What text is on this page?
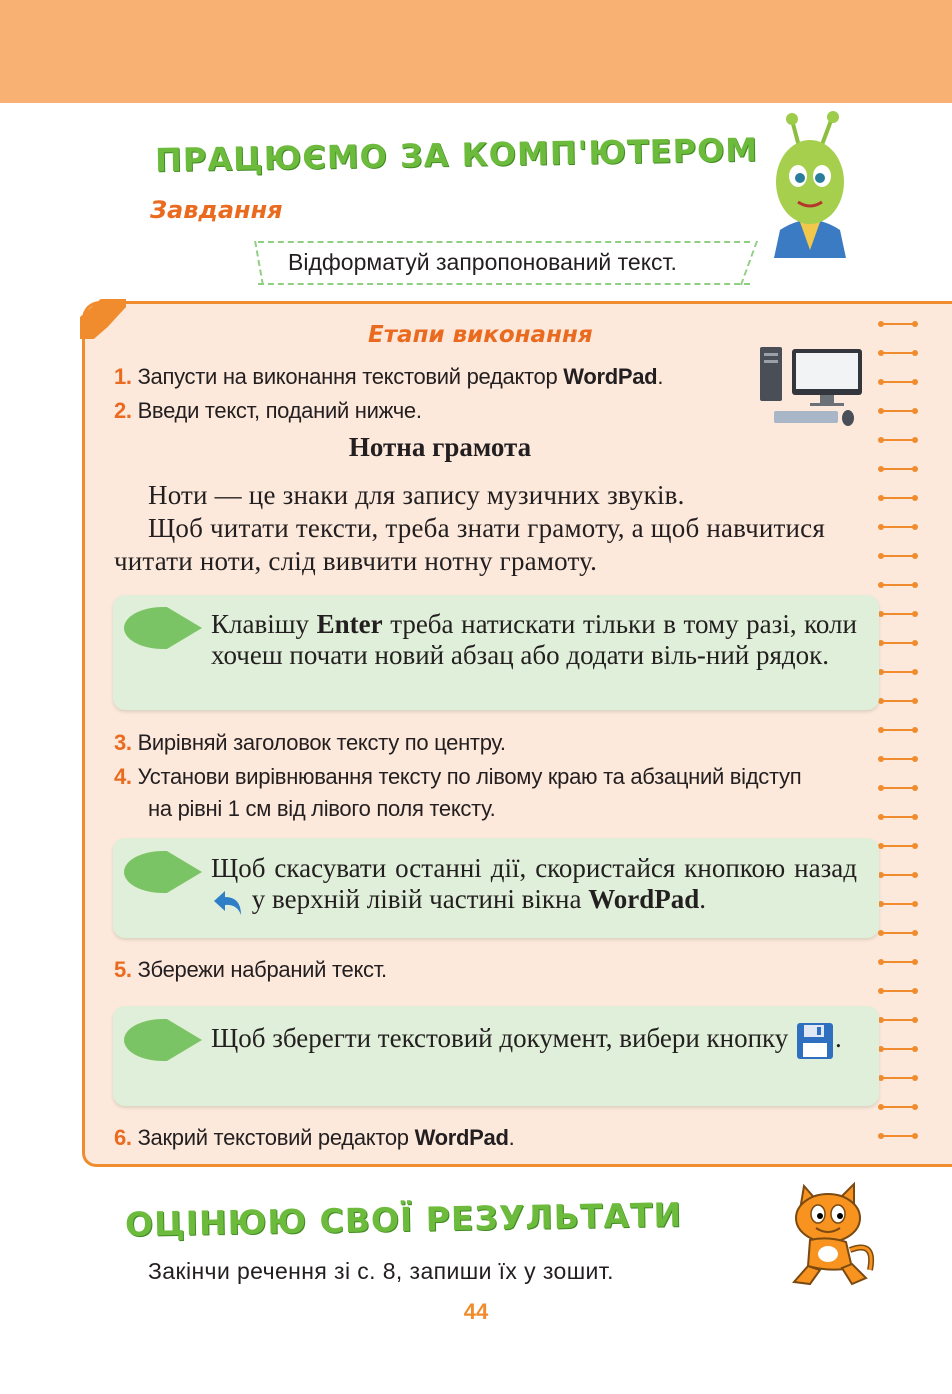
ПРАЦЮЄМО ЗА КОМП'ЮТЕРОМ
Завдання
Відформатуй запропонований текст.
Етапи виконання
1. Запусти на виконання текстовий редактор WordPad.
2. Введи текст, поданий нижче.
Нотна грамота
Ноти — це знаки для запису музичних звуків.
Щоб читати тексти, треба знати грамоту, а щоб навчитися
читати ноти, слід вивчити нотну грамоту.
Клавішу Enter треба натискати тільки в тому разі, коли хочеш почати новий абзац або додати віль-ний рядок.
3. Вирівняй заголовок тексту по центру.
4. Установи вирівнювання тексту по лівому краю та абзацний відступ
на рівні 1 см від лівого поля тексту.
Щоб скасувати останні дії, скористайся кнопкою назад  у верхній лівій частині вікна WordPad.
5. Збережи набраний текст.
Щоб зберегти текстовий документ, вибери кнопку .
6. Закрий текстовий редактор WordPad.
ОЦІНЮЮ СВОЇ РЕЗУЛЬТАТИ
Закінчи речення зі с. 8, запиши їх у зошит.
44
